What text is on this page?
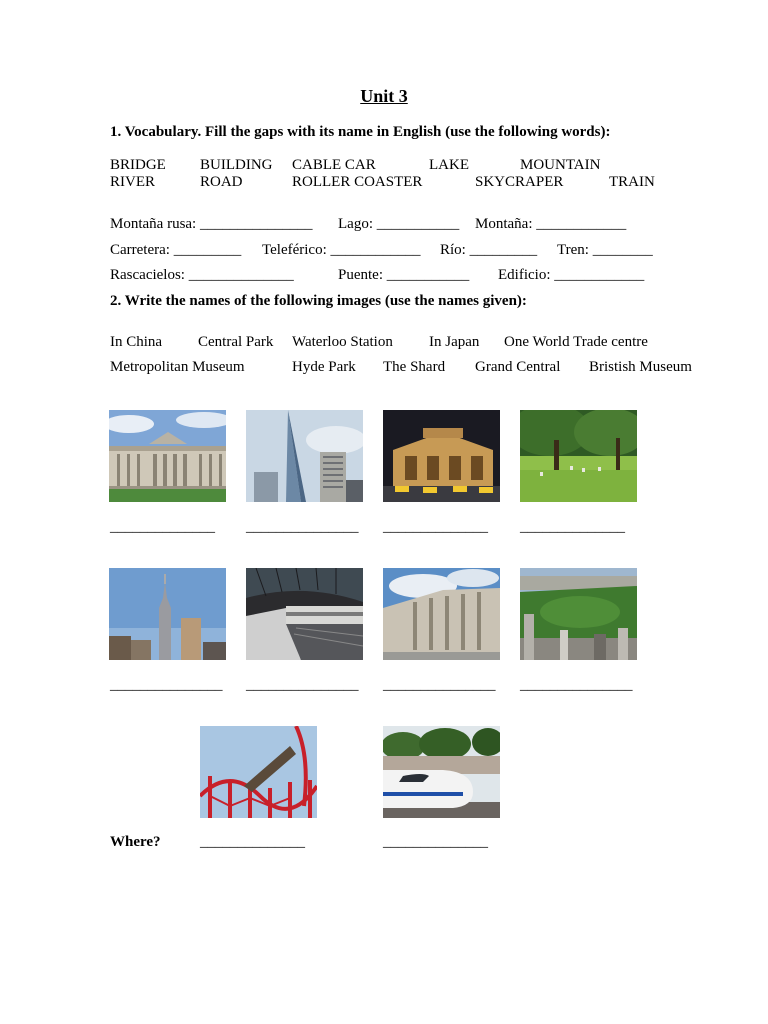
Unit 3
1. Vocabulary. Fill the gaps with its name in English (use the following words):
BRIDGE BUILDING CABLE CAR	LAKE	MOUNTAIN
RIVER	ROAD	ROLLER COASTER	SKYCRAPER	TRAIN
Montaña rusa: _______________ Lago: ___________ Montaña: ____________
Carretera: _________ Teleférico: ____________ Río: _________ Tren: ________
Rascacielos: ______________	Puente: ___________ Edificio: ____________
2. Write the names of the following images (use the names given):
In China Central Park Waterloo Station In Japan One World Trade centre
Metropolitan Museum	Hyde Park The Shard Grand Central Bristish Museum
______________ _______________ ______________ ______________
_______________ _______________ _______________ _______________
Where?	______________	______________
